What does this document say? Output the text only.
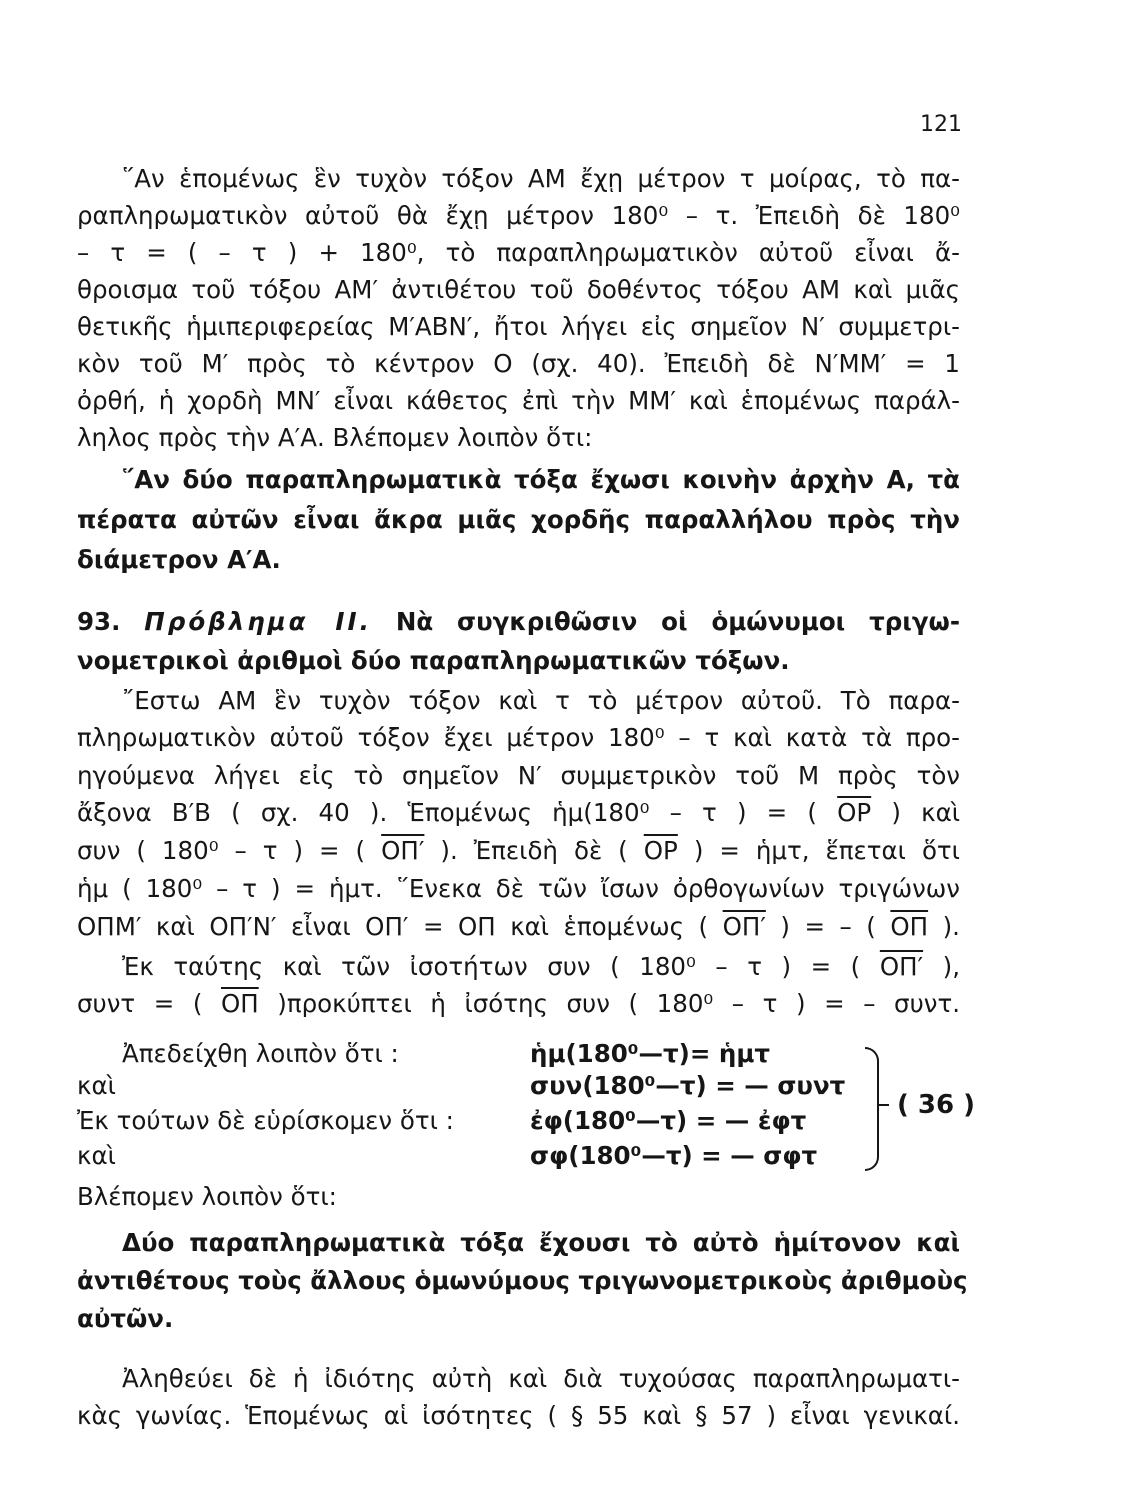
121
῞Αν ἑπομένως ἓν τυχὸν τόξον ΑΜ ἔχῃ μέτρον τ μοίρας, τὸ πα-
ραπληρωματικὸν αὐτοῦ θὰ ἔχῃ μέτρον 180⁰ – τ. Ἐπειδὴ δὲ 180⁰
– τ = ( – τ ) + 180⁰, τὸ παραπληρωματικὸν αὐτοῦ εἶναι ἄ-
θροισμα τοῦ τόξου ΑΜ′ ἀντιθέτου τοῦ δοθέντος τόξου ΑΜ καὶ μιᾶς
θετικῆς ἡμιπεριφερείας Μ′ΑΒΝ′, ἤτοι λήγει εἰς σημεῖον Ν′ συμμετρι-
κὸν τοῦ Μ′ πρὸς τὸ κέντρον Ο (σχ. 40). Ἐπειδὴ δὲ Ν′ΜΜ′ = 1
ὀρθή, ἡ χορδὴ ΜΝ′ εἶναι κάθετος ἐπὶ τὴν ΜΜ′ καὶ ἑπομένως παράλ-
ληλος πρὸς τὴν Α′Α. Βλέπομεν λοιπὸν ὅτι:
῞Αν δύο παραπληρωματικὰ τόξα ἔχωσι κοινὴν ἀρχὴν Α, τὰ
πέρατα αὐτῶν εἶναι ἄκρα μιᾶς χορδῆς παραλλήλου πρὸς τὴν
διάμετρον Α′Α.
93. Πρόβλημα II. Νὰ συγκριθῶσιν οἱ ὁμώνυμοι τριγω-
νομετρικοὶ ἀριθμοὶ δύο παραπληρωματικῶν τόξων.
῎Εστω ΑΜ ἓν τυχὸν τόξον καὶ τ τὸ μέτρον αὐτοῦ. Τὸ παρα-
πληρωματικὸν αὐτοῦ τόξον ἔχει μέτρον 180⁰ – τ καὶ κατὰ τὰ προ-
ηγούμενα λήγει εἰς τὸ σημεῖον Ν′ συμμετρικὸν τοῦ Μ πρὸς τὸν
ἄξονα Β′Β ( σχ. 40 ). Ἑπομένως ἡμ(180⁰ – τ ) = ( $\overline{OP}$ ) καὶ
συν ( 180⁰ – τ ) = ( ΟΠ′ ). Ἐπειδὴ δὲ ( $\overline{OP}$ ) = ἡμτ, ἕπεται ὅτι
ἡμ ( 180⁰ – τ ) = ἡμτ. ῞Ενεκα δὲ τῶν ἴσων ὀρθογωνίων τριγώνων
ΟΠΜ′ καὶ ΟΠ′Ν′ εἶναι ΟΠ′ = ΟΠ καὶ ἑπομένως ( ΟΠ′ ) = – ( $\overline{O\Pi}$ ).
Ἐκ ταύτης καὶ τῶν ἰσοτήτων συν ( 180⁰ – τ ) = ( ΟΠ′ ),
συντ = ( $\overline{O\Pi}$ )προκύπτει ἡ ἰσότης συν ( 180⁰ – τ ) = – συντ.
Ἀπεδείχθη λοιπὸν ὅτι :	ἡμ(180⁰—τ)= ἡμτ
καὶ	συν(180⁰—τ) = — συντ
Ἐκ τούτων δὲ εὑρίσκομεν ὅτι :	ἐφ(180⁰—τ) = — ἐφτ
καὶ	σφ(180⁰—τ) = — σφτ
( 36 )
Βλέπομεν λοιπὸν ὅτι:
Δύο παραπληρωματικὰ τόξα ἔχουσι τὸ αὐτὸ ἡμίτονον καὶ
ἀντιθέτους τοὺς ἄλλους ὁμωνύμους τριγωνομετρικοὺς ἀριθμοὺς
αὐτῶν.
Ἀληθεύει δὲ ἡ ἰδιότης αὐτὴ καὶ διὰ τυχούσας παραπληρωματι-
κὰς γωνίας. Ἑπομένως αἱ ἰσότητες ( § 55 καὶ § 57 ) εἶναι γενικαί.
